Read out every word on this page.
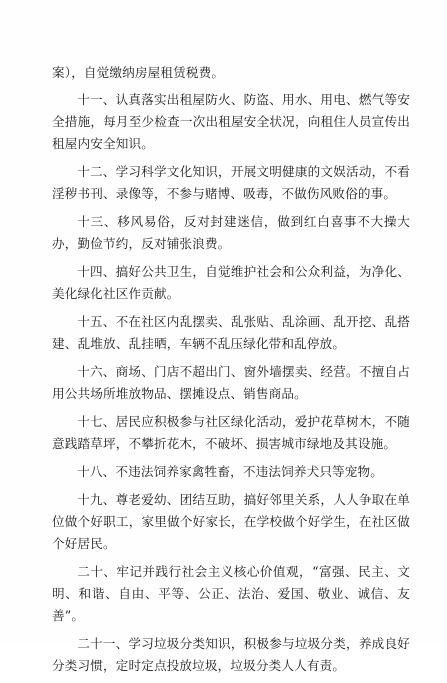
案），自觉缴纳房屋租赁税费。

十一、认真落实出租屋防火、防盗、用水、用电、燃气等安全措施，每月至少检查一次出租屋安全状况，向租住人员宣传出租屋内安全知识。

十二、学习科学文化知识，开展文明健康的文娱活动，不看淫秽书刊、录像等，不参与赌博、吸毒，不做伤风败俗的事。

十三、移风易俗，反对封建迷信，做到红白喜事不大操大办，勤俭节约，反对铺张浪费。

十四、搞好公共卫生，自觉维护社会和公众利益，为净化、美化绿化社区作贡献。

十五、不在社区内乱摆卖、乱张贴、乱涂画、乱开挖、乱搭建、乱堆放、乱挂晒，车辆不乱压绿化带和乱停放。

十六、商场、门店不超出门、窗外墙摆卖、经营。不擅自占用公共场所堆放物品、摆摊设点、销售商品。

十七、居民应积极参与社区绿化活动，爱护花草树木，不随意践踏草坪，不攀折花木，不破坏、损害城市绿地及其设施。

十八、不违法饲养家禽牲畜，不违法饲养犬只等宠物。

十九、尊老爱幼、团结互助，搞好邻里关系，人人争取在单位做个好职工，家里做个好家长，在学校做个好学生，在社区做个好居民。

二十、牢记并践行社会主义核心价值观，“富强、民主、文明、和谐、自由、平等、公正、法治、爱国、敬业、诚信、友善”。

二十一、学习垃圾分类知识，积极参与垃圾分类，养成良好分类习惯，定时定点投放垃圾，垃圾分类人人有责。
